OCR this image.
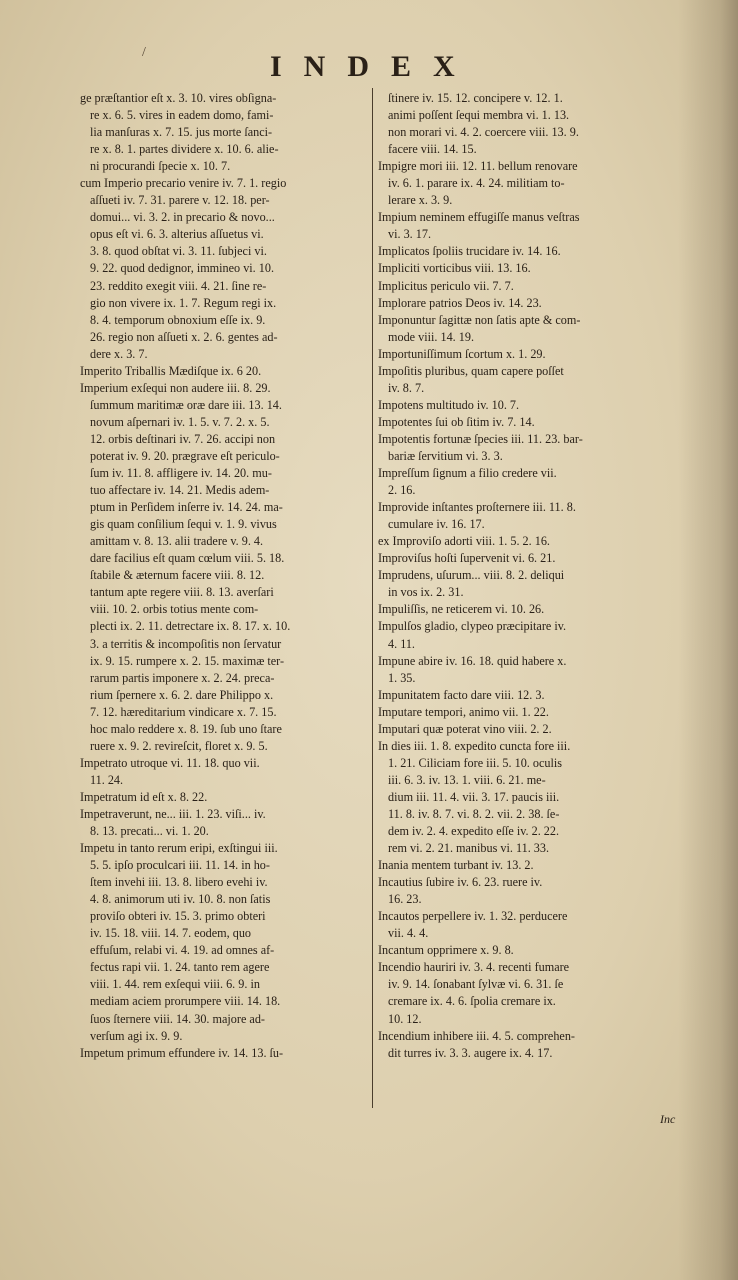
/	INDEX
ge præſtantior eſt x. 3. 10. vires obſigna-
re x. 6. 5. vires in eadem domo, fami-
lia manſuras x. 7. 15. jus morte ſanci-
re x. 8. 1. partes dividere x. 10. 6. alie-
ni procurandi ſpecie x. 10. 7.
cum Imperio precario venire iv. 7. 1. regio
aſſueti iv. 7. 31. parere v. 12. 18. per-
domui... vi. 3. 2. in precario & novo...
opus eſt vi. 6. 3. alterius aſſuetus vi.
3. 8. quod obſtat vi. 3. 11. ſubjeci vi.
9. 22. quod dedignor, immineo vi. 10.
23. reddito exegit viii. 4. 21. ſine re-
gio non vivere ix. 1. 7. Regum regi ix.
8. 4. temporum obnoxium eſſe ix. 9.
26. regio non aſſueti x. 2. 6. gentes ad-
dere x. 3. 7.
Imperito Triballis Mædiſque ix. 6 20.
Imperium exſequi non audere iii. 8. 29.
ſummum maritimæ oræ dare iii. 13. 14.
novum aſpernari iv. 1. 5. v. 7. 2. x. 5.
12. orbis deſtinari iv. 7. 26. accipi non
poterat iv. 9. 20. prægrave eſt periculo-
ſum iv. 11. 8. affligere iv. 14. 20. mu-
tuo affectare iv. 14. 21. Medis adem-
ptum in Perſidem inſerre iv. 14. 24. ma-
gis quam conſilium ſequi v. 1. 9. vivus
amittam v. 8. 13. alii tradere v. 9. 4.
dare facilius eſt quam cœlum viii. 5. 18.
ſtabile & æternum facere viii. 8. 12.
tantum apte regere viii. 8. 13. averſari
viii. 10. 2. orbis totius mente com-
plecti ix. 2. 11. detrectare ix. 8. 17. x. 10.
3. a territis & incompoſitis non ſervatur
ix. 9. 15. rumpere x. 2. 15. maximæ ter-
rarum partis imponere x. 2. 24. preca-
rium ſpernere x. 6. 2. dare Philippo x.
7. 12. hæreditarium vindicare x. 7. 15.
hoc malo reddere x. 8. 19. ſub uno ſtare
ruere x. 9. 2. revireſcit, floret x. 9. 5.
Impetrato utroque vi. 11. 18. quo vii.
11. 24.
Impetratum id eſt x. 8. 22.
Impetraverunt, ne... iii. 1. 23. viſi... iv.
8. 13. precati... vi. 1. 20.
Impetu in tanto rerum eripi, exſtingui iii.
5. 5. ipſo proculcari iii. 11. 14. in ho-
ſtem invehi iii. 13. 8. libero evehi iv.
4. 8. animorum uti iv. 10. 8. non ſatis
proviſo obteri iv. 15. 3. primo obteri
iv. 15. 18. viii. 14. 7. eodem, quo
effuſum, relabi vi. 4. 19. ad omnes af-
fectus rapi vii. 1. 24. tanto rem agere
viii. 1. 44. rem exſequi viii. 6. 9. in
mediam aciem prorumpere viii. 14. 18.
ſuos ſternere viii. 14. 30. majore ad-
verſum agi ix. 9. 9.
Impetum primum effundere iv. 14. 13. ſu-
ſtinere iv. 15. 12. concipere v. 12. 1.
animi poſſent ſequi membra vi. 1. 13.
non morari vi. 4. 2. coercere viii. 13. 9.
facere viii. 14. 15.
Impigre mori iii. 12. 11. bellum renovare
iv. 6. 1. parare ix. 4. 24. militiam to-
lerare x. 3. 9.
Impium neminem effugiſſe manus veſtras
vi. 3. 17.
Implicatos ſpoliis trucidare iv. 14. 16.
Impliciti vorticibus viii. 13. 16.
Implicitus periculo vii. 7. 7.
Implorare patrios Deos iv. 14. 23.
Imponuntur ſagittæ non ſatis apte & com-
mode viii. 14. 19.
Importuniſſimum ſcortum x. 1. 29.
Impoſitis pluribus, quam capere poſſet
iv. 8. 7.
Impotens multitudo iv. 10. 7.
Impotentes ſui ob ſitim iv. 7. 14.
Impotentis fortunæ ſpecies iii. 11. 23. bar-
bariæ ſervitium vi. 3. 3.
Impreſſum ſignum a filio credere vii.
2. 16.
Improvide inſtantes proſternere iii. 11. 8.
cumulare iv. 16. 17.
ex Improviſo adorti viii. 1. 5. 2. 16.
Improviſus hoſti ſupervenit vi. 6. 21.
Imprudens, uſurum... viii. 8. 2. deliqui
in vos ix. 2. 31.
Impuliſſis, ne reticerem vi. 10. 26.
Impulſos gladio, clypeo præcipitare iv.
4. 11.
Impune abire iv. 16. 18. quid habere x.
1. 35.
Impunitatem facto dare viii. 12. 3.
Imputare tempori, animo vii. 1. 22.
Imputari quæ poterat vino viii. 2. 2.
In dies iii. 1. 8. expedito cuncta fore iii.
1. 21. Ciliciam fore iii. 5. 10. oculis
iii. 6. 3. iv. 13. 1. viii. 6. 21. me-
dium iii. 11. 4. vii. 3. 17. paucis iii.
11. 8. iv. 8. 7. vi. 8. 2. vii. 2. 38. ſe-
dem iv. 2. 4. expedito eſſe iv. 2. 22.
rem vi. 2. 21. manibus vi. 11. 33.
Inania mentem turbant iv. 13. 2.
Incautius ſubire iv. 6. 23. ruere iv.
16. 23.
Incautos perpellere iv. 1. 32. perducere
vii. 4. 4.
Incantum opprimere x. 9. 8.
Incendio hauriri iv. 3. 4. recenti fumare
iv. 9. 14. ſonabant ſylvæ vi. 6. 31. ſe
cremare ix. 4. 6. ſpolia cremare ix.
10. 12.
Incendium inhibere iii. 4. 5. comprehen-
dit turres iv. 3. 3. augere ix. 4. 17.
Inc
